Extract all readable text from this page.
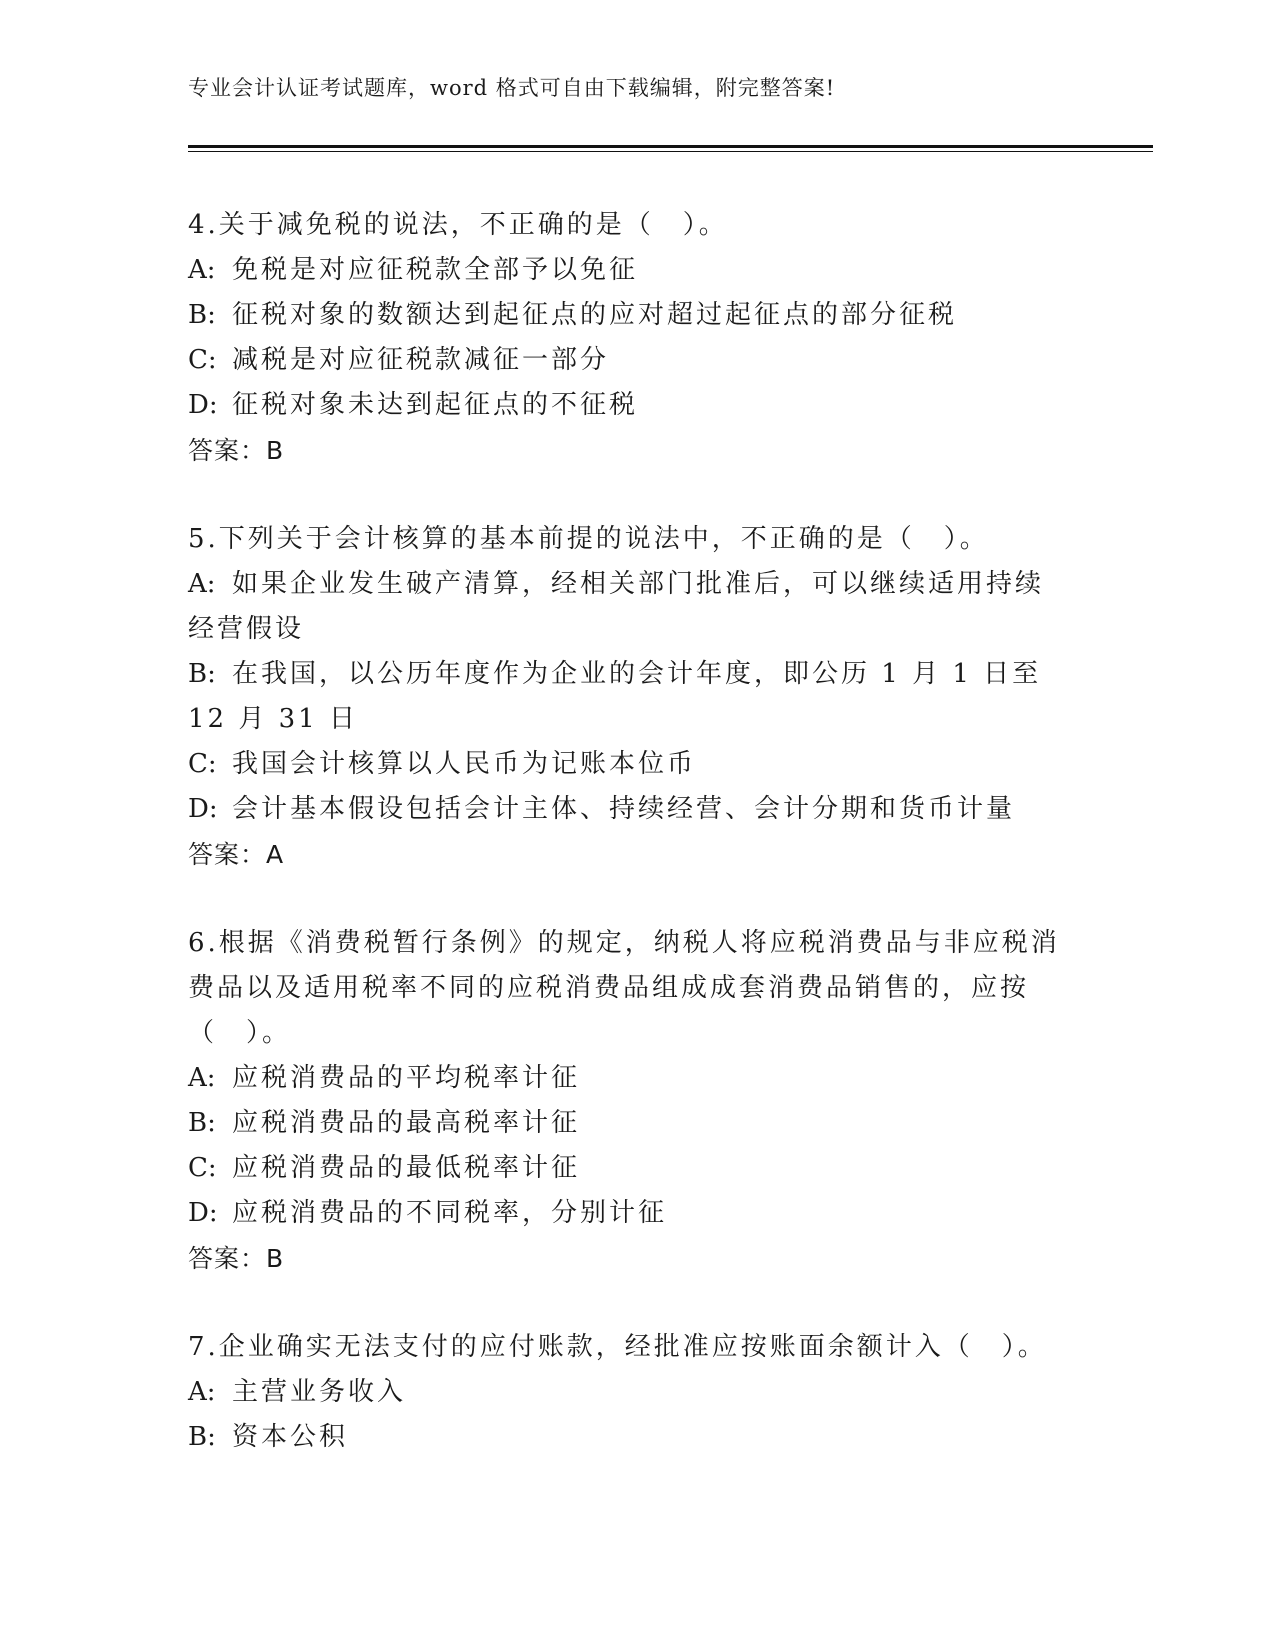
专业会计认证考试题库，word 格式可自由下载编辑，附完整答案!
4.关于减免税的说法，不正确的是（　）。
A: 免税是对应征税款全部予以免征
B: 征税对象的数额达到起征点的应对超过起征点的部分征税
C: 减税是对应征税款减征一部分
D: 征税对象未达到起征点的不征税
答案：B
5.下列关于会计核算的基本前提的说法中，不正确的是（　）。
A: 如果企业发生破产清算，经相关部门批准后，可以继续适用持续经营假设
B: 在我国，以公历年度作为企业的会计年度，即公历 1 月 1 日至 12 月 31 日
C: 我国会计核算以人民币为记账本位币
D: 会计基本假设包括会计主体、持续经营、会计分期和货币计量
答案：A
6.根据《消费税暂行条例》的规定，纳税人将应税消费品与非应税消费品以及适用税率不同的应税消费品组成成套消费品销售的，应按（　）。
A: 应税消费品的平均税率计征
B: 应税消费品的最高税率计征
C: 应税消费品的最低税率计征
D: 应税消费品的不同税率，分别计征
答案：B
7.企业确实无法支付的应付账款，经批准应按账面余额计入（　）。
A: 主营业务收入
B: 资本公积
